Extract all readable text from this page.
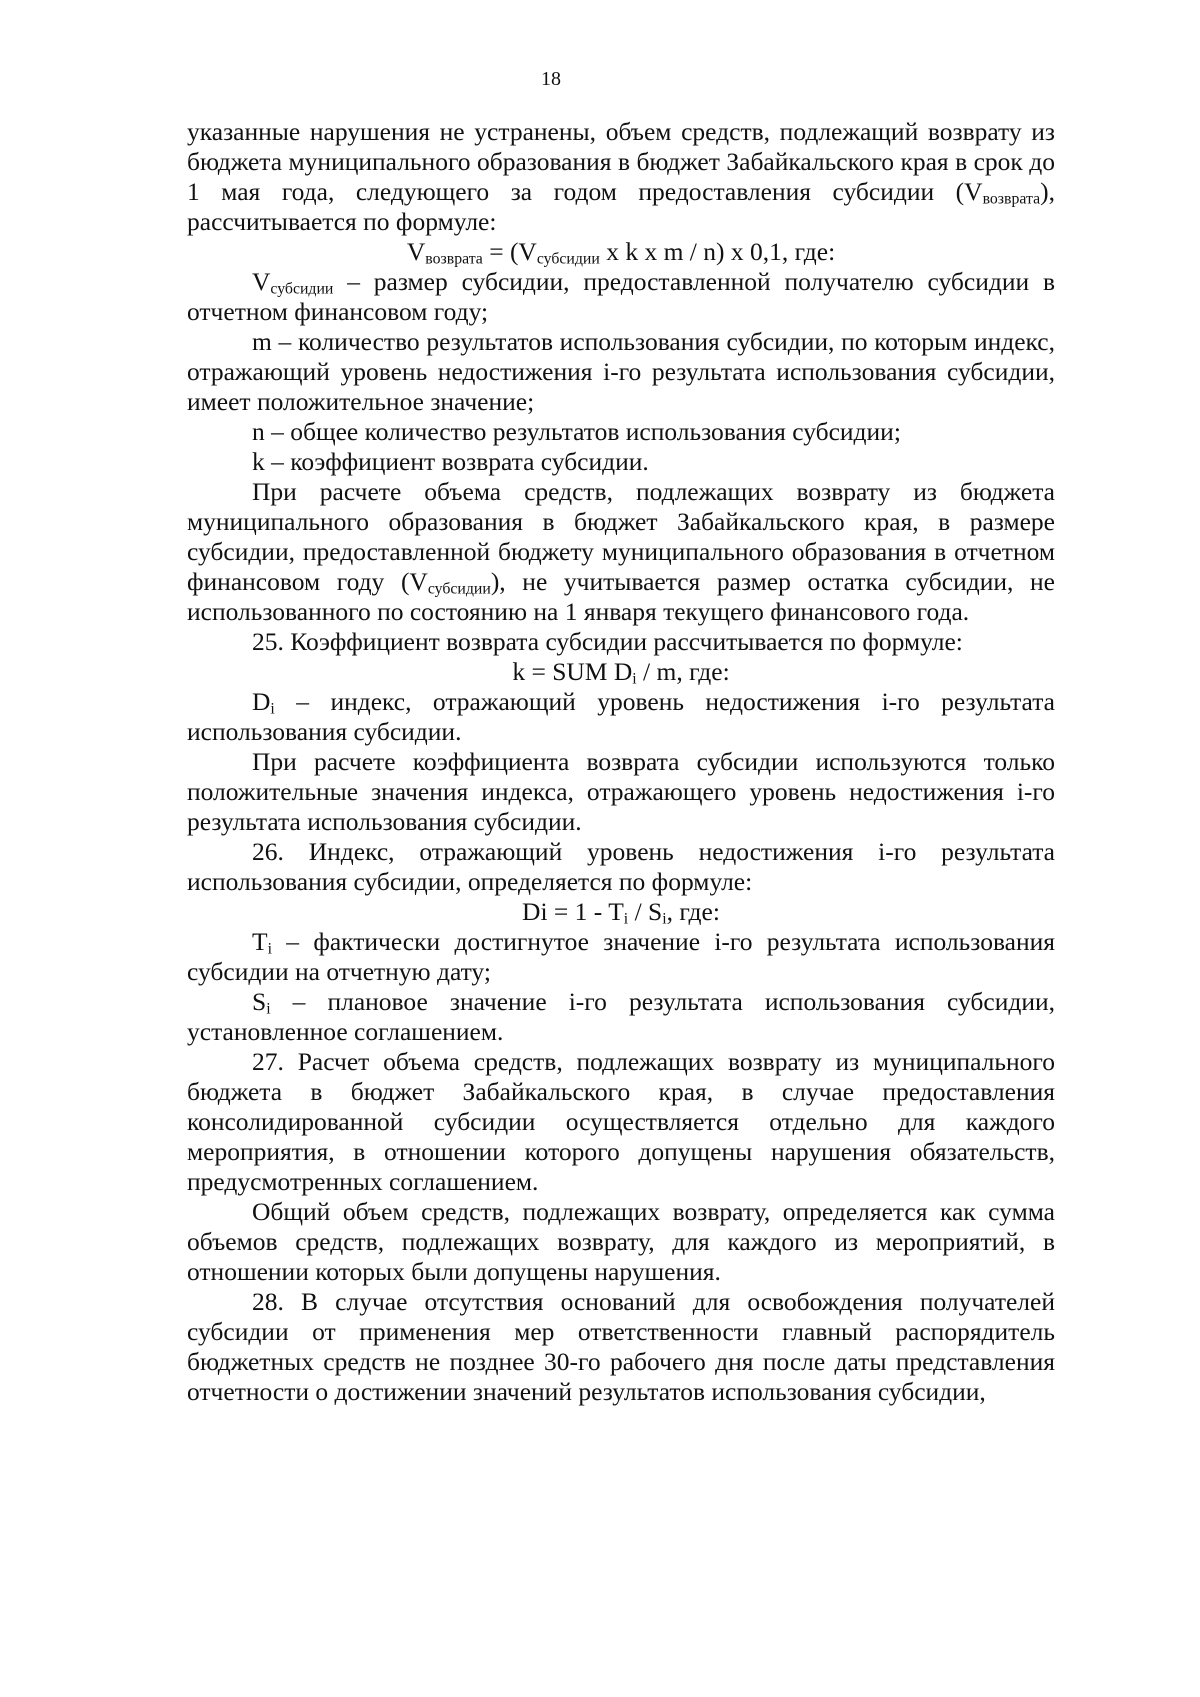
18

указанные нарушения не устранены, объем средств, подлежащий возврату из бюджета муниципального образования в бюджет Забайкальского края в срок до 1 мая года, следующего за годом предоставления субсидии $(V_{возврата})$, рассчитывается по формуле:

$V_{возврата} = (V_{субсидии}$ x k x m / n) x 0,1, где:

$V_{субсидии}$ – размер субсидии, предоставленной получателю субсидии в отчетном финансовом году;

m – количество результатов использования субсидии, по которым индекс, отражающий уровень недостижения i-го результата использования субсидии, имеет положительное значение;

n – общее количество результатов использования субсидии;

k – коэффициент возврата субсидии.

При расчете объема средств, подлежащих возврату из бюджета муниципального образования в бюджет Забайкальского края, в размере субсидии, предоставленной бюджету муниципального образования в отчетном финансовом году $(V_{субсидии})$, не учитывается размер остатка субсидии, не использованного по состоянию на 1 января текущего финансового года.

25. Коэффициент возврата субсидии рассчитывается по формуле:

k = SUM $D_i$ / m, где:

$D_i$ – индекс, отражающий уровень недостижения i-го результата использования субсидии.

При расчете коэффициента возврата субсидии используются только положительные значения индекса, отражающего уровень недостижения i-го результата использования субсидии.

26. Индекс, отражающий уровень недостижения i-го результата использования субсидии, определяется по формуле:

$Di = 1 - T_i / S_i$, где:

$T_i$ – фактически достигнутое значение i-го результата использования субсидии на отчетную дату;

$S_i$ – плановое значение i-го результата использования субсидии, установленное соглашением.

27. Расчет объема средств, подлежащих возврату из муниципального бюджета в бюджет Забайкальского края, в случае предоставления консолидированной субсидии осуществляется отдельно для каждого мероприятия, в отношении которого допущены нарушения обязательств, предусмотренных соглашением.

Общий объем средств, подлежащих возврату, определяется как сумма объемов средств, подлежащих возврату, для каждого из мероприятий, в отношении которых были допущены нарушения.

28. В случае отсутствия оснований для освобождения получателей субсидии от применения мер ответственности главный распорядитель бюджетных средств не позднее 30-го рабочего дня после даты представления отчетности о достижении значений результатов использования субсидии,
